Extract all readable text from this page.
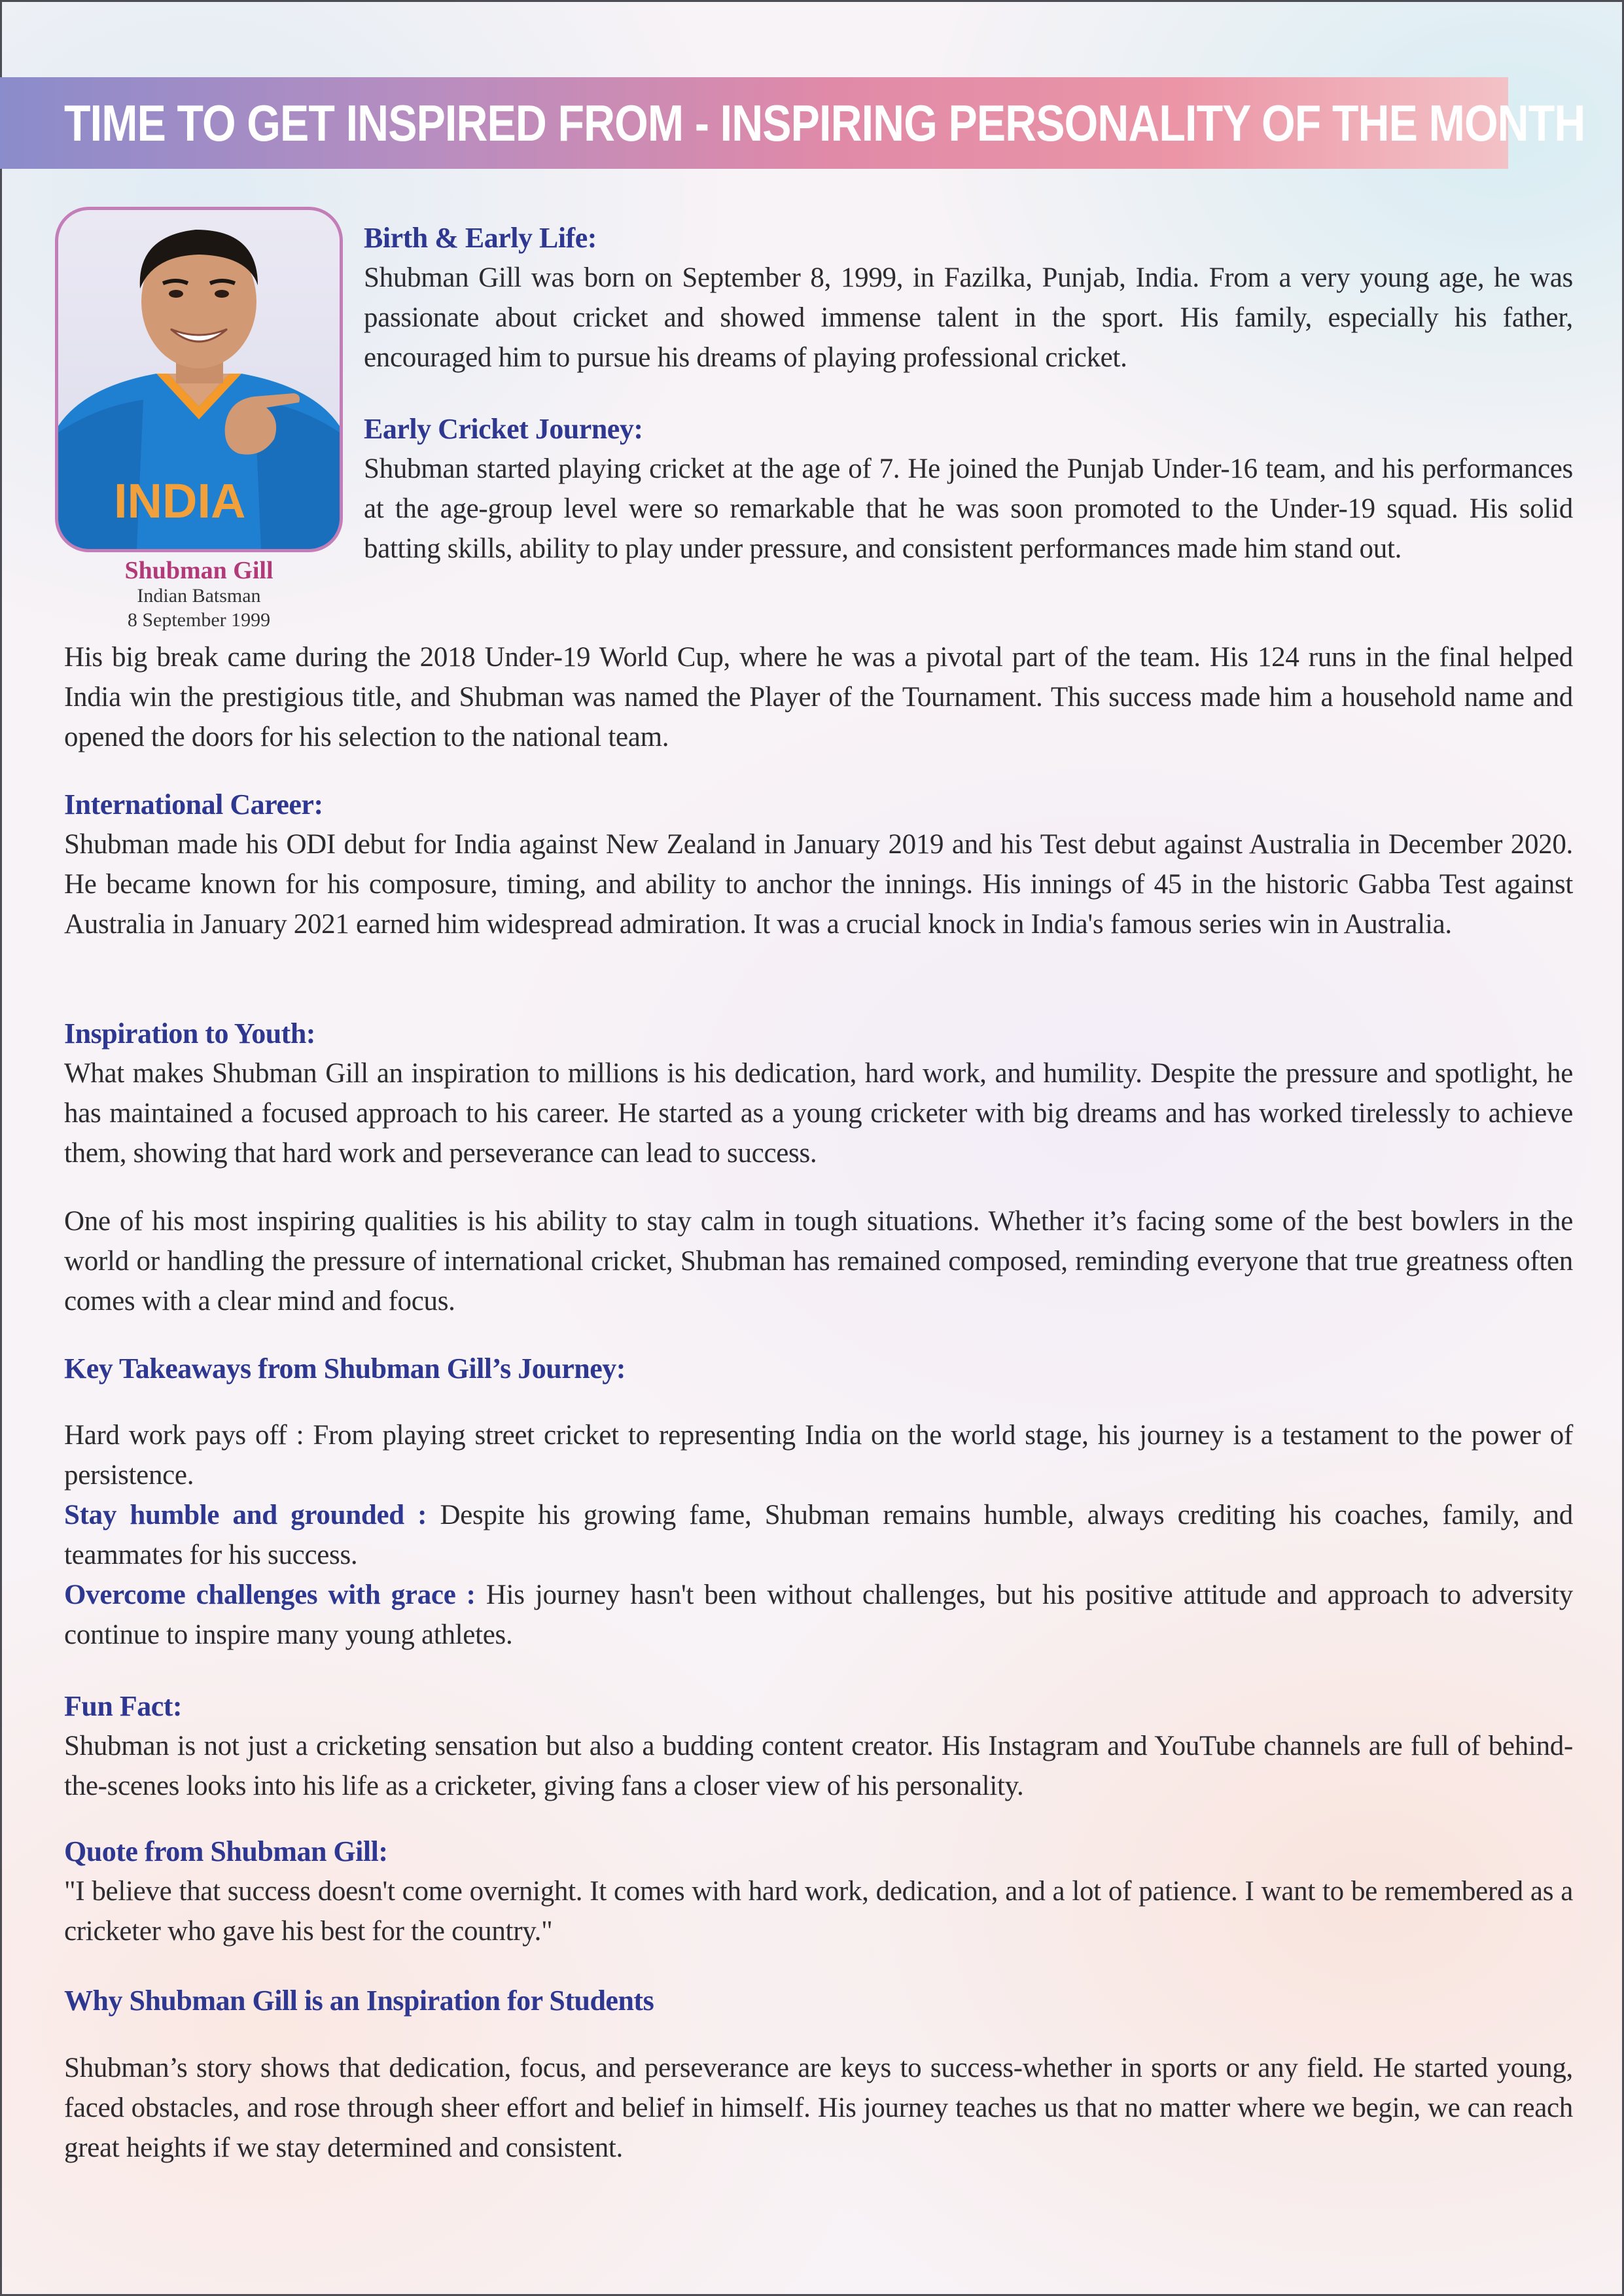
TIME TO GET INSPIRED FROM - INSPIRING PERSONALITY OF THE MONTH
INDIA

Shubman Gill

Indian Batsman

8 September 1999

Birth & Early Life:

Shubman Gill was born on September 8, 1999, in Fazilka, Punjab, India. From a very young age, he was passionate about cricket and showed immense talent in the sport. His family, especially his father, encouraged him to pursue his dreams of playing professional cricket.

Early Cricket Journey:

Shubman started playing cricket at the age of 7. He joined the Punjab Under-16 team, and his performances at the age-group level were so remarkable that he was soon promoted to the Under-19 squad. His solid batting skills, ability to play under pressure, and consistent performances made him stand out.

His big break came during the 2018 Under-19 World Cup, where he was a pivotal part of the team. His 124 runs in the final helped India win the prestigious title, and Shubman was named the Player of the Tournament. This success made him a household name and opened the doors for his selection to the national team.

International Career:

Shubman made his ODI debut for India against New Zealand in January 2019 and his Test debut against Australia in December 2020. He became known for his composure, timing, and ability to anchor the innings. His innings of 45 in the historic Gabba Test against Australia in January 2021 earned him widespread admiration. It was a crucial knock in India's famous series win in Australia.

Inspiration to Youth:

What makes Shubman Gill an inspiration to millions is his dedication, hard work, and humility. Despite the pressure and spotlight, he has maintained a focused approach to his career. He started as a young cricketer with big dreams and has worked tirelessly to achieve them, showing that hard work and perseverance can lead to success.

One of his most inspiring qualities is his ability to stay calm in tough situations. Whether it’s facing some of the best bowlers in the world or handling the pressure of international cricket, Shubman has remained composed, reminding everyone that true greatness often comes with a clear mind and focus.

Key Takeaways from Shubman Gill’s Journey:

Hard work pays off : From playing street cricket to representing India on the world stage, his journey is a testament to the power of persistence.

Stay humble and grounded : Despite his growing fame, Shubman remains humble, always crediting his coaches, family, and teammates for his success.

Overcome challenges with grace : His journey hasn't been without challenges, but his positive attitude and approach to adversity continue to inspire many young athletes.

Fun Fact:

Shubman is not just a cricketing sensation but also a budding content creator. His Instagram and YouTube channels are full of behind-the-scenes looks into his life as a cricketer, giving fans a closer view of his personality.

Quote from Shubman Gill:

"I believe that success doesn't come overnight. It comes with hard work, dedication, and a lot of patience. I want to be remembered as a cricketer who gave his best for the country."

Why Shubman Gill is an Inspiration for Students

Shubman’s story shows that dedication, focus, and perseverance are keys to success-whether in sports or any field. He started young, faced obstacles, and rose through sheer effort and belief in himself. His journey teaches us that no matter where we begin, we can reach great heights if we stay determined and consistent.
